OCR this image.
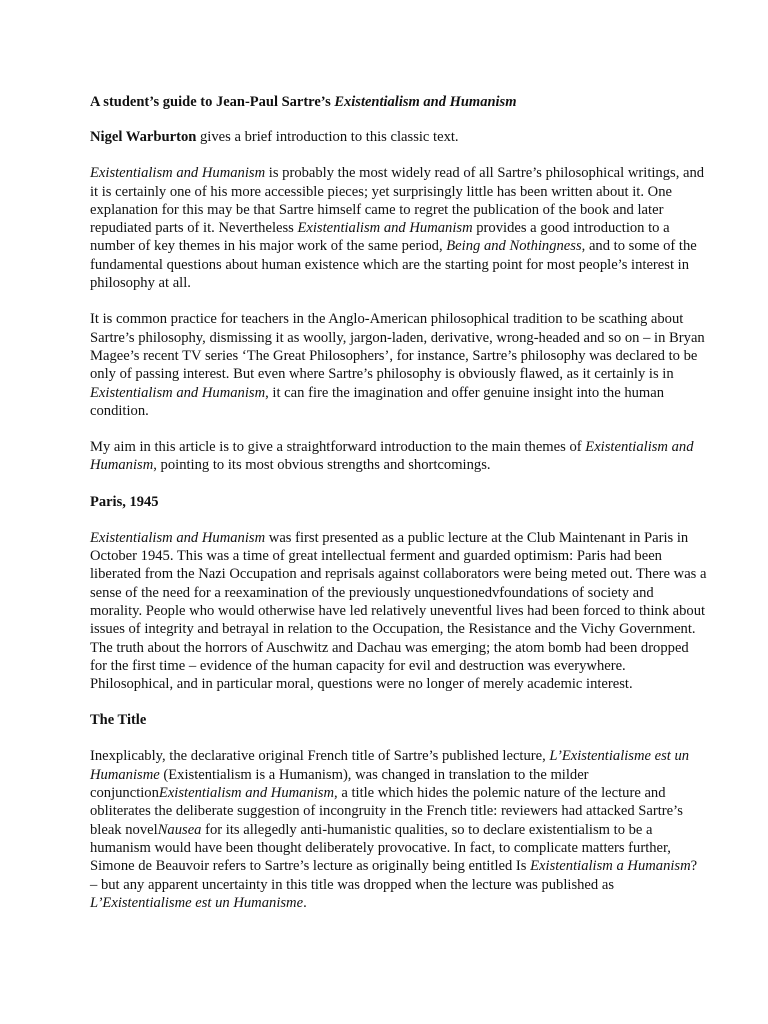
A student’s guide to Jean-Paul Sartre’s Existentialism and Humanism

Nigel Warburton gives a brief introduction to this classic text.

Existentialism and Humanism is probably the most widely read of all Sartre’s philosophical writings, and it is certainly one of his more accessible pieces; yet surprisingly little has been written about it. One explanation for this may be that Sartre himself came to regret the publication of the book and later repudiated parts of it. Nevertheless Existentialism and Humanism provides a good introduction to a number of key themes in his major work of the same period, Being and Nothingness, and to some of the fundamental questions about human existence which are the starting point for most people’s interest in philosophy at all.

It is common practice for teachers in the Anglo-American philosophical tradition to be scathing about Sartre’s philosophy, dismissing it as woolly, jargon-laden, derivative, wrong-headed and so on – in Bryan Magee’s recent TV series ‘The Great Philosophers’, for instance, Sartre’s philosophy was declared to be only of passing interest. But even where Sartre’s philosophy is obviously flawed, as it certainly is in Existentialism and Humanism, it can fire the imagination and offer genuine insight into the human condition.

My aim in this article is to give a straightforward introduction to the main themes of Existentialism and Humanism, pointing to its most obvious strengths and shortcomings.

Paris, 1945

Existentialism and Humanism was first presented as a public lecture at the Club Maintenant in Paris in October 1945. This was a time of great intellectual ferment and guarded optimism: Paris had been liberated from the Nazi Occupation and reprisals against collaborators were being meted out. There was a sense of the need for a reexamination of the previously unquestionedvfoundations of society and morality. People who would otherwise have led relatively uneventful lives had been forced to think about issues of integrity and betrayal in relation to the Occupation, the Resistance and the Vichy Government. The truth about the horrors of Auschwitz and Dachau was emerging; the atom bomb had been dropped for the first time – evidence of the human capacity for evil and destruction was everywhere. Philosophical, and in particular moral, questions were no longer of merely academic interest.

The Title

Inexplicably, the declarative original French title of Sartre’s published lecture, L’Existentialisme est un Humanisme (Existentialism is a Humanism), was changed in translation to the milder conjunctionExistentialism and Humanism, a title which hides the polemic nature of the lecture and obliterates the deliberate suggestion of incongruity in the French title: reviewers had attacked Sartre’s bleak novelNausea for its allegedly anti-humanistic qualities, so to declare existentialism to be a humanism would have been thought deliberately provocative. In fact, to complicate matters further, Simone de Beauvoir refers to Sartre’s lecture as originally being entitled Is Existentialism a Humanism? – but any apparent uncertainty in this title was dropped when the lecture was published as L’Existentialisme est un Humanisme.
